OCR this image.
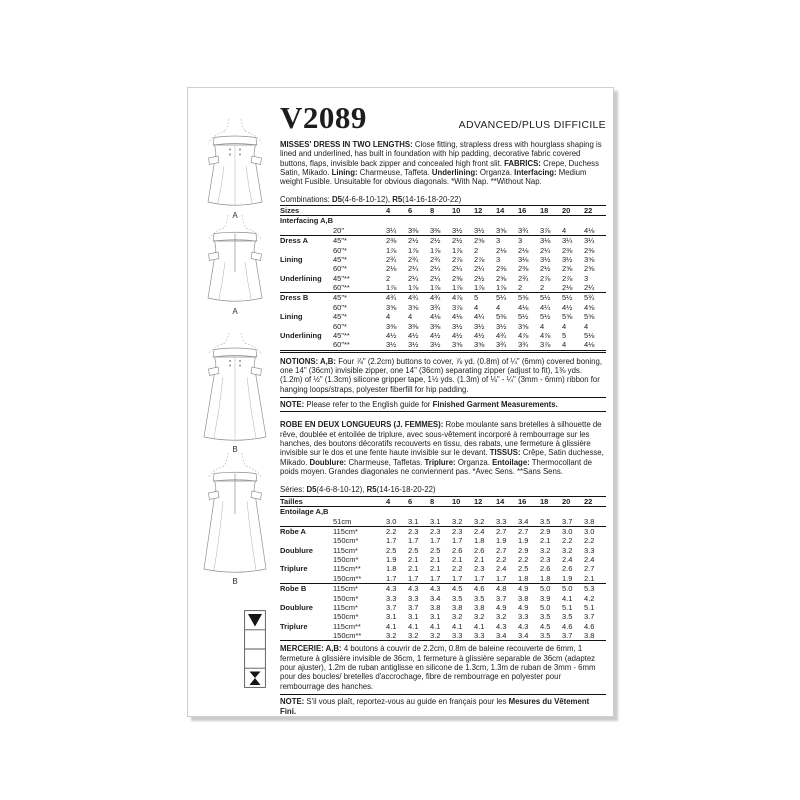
A
A
B
B
V2089	ADVANCED/PLUS DIFFICILE

MISSES' DRESS IN TWO LENGTHS: Close fitting, strapless dress with hourglass shaping is lined and underlined, has built in foundation with hip padding, decorative fabric covered buttons, flaps, invisible back zipper and concealed high front slit. FABRICS: Crepe, Duchess Satin, Mikado. Lining: Charmeuse, Taffeta. Underlining: Organza. Interfacing: Medium weight Fusible. Unsuitable for obvious diagonals. *With Nap. **Without Nap.

Combinations: D5(4-6-8-10-12), R5(14-16-18-20-22)

Sizes		4	6	8	10	12	14	16	18	20	22
Interfacing A,B											
	20"	3¼	3⅜	3⅜	3½	3½	3⅝	3¾	3⅞	4	4⅛
Dress A	45"*	2⅜	2½	2½	2½	2⅝	3	3	3⅛	3¼	3¼
	60"*	1⅞	1⅞	1⅞	1⅞	2	2⅛	2⅛	2¼	2⅜	2⅜
Lining	45"*	2¾	2¾	2¾	2⅞	2⅞	3	3⅛	3½	3½	3⅝
	60"*	2⅛	2¼	2¼	2¼	2¼	2⅜	2⅜	2½	2⅝	2⅝
Underlining	45"**	2	2¼	2¼	2⅜	2½	2⅝	2¾	2⅞	2⅞	3
	60"**	1⅞	1⅞	1⅞	1⅞	1⅞	1⅞	2	2	2⅛	2¼
Dress B	45"*	4¾	4¾	4¾	4⅞	5	5¼	5⅜	5½	5½	5¾
	60"*	3⅝	3⅝	3¾	3⅞	4	4	4⅛	4¼	4½	4⅝
Lining	45"*	4	4	4⅛	4⅛	4¼	5⅜	5½	5½	5⅝	5⅝
	60"*	3⅜	3⅜	3⅜	3½	3½	3½	3⅝	4	4	4
Underlining	45"**	4½	4½	4½	4½	4½	4¾	4⅞	4⅞	5	5⅛
	60"**	3½	3½	3½	3⅝	3⅝	3¾	3¾	3⅞	4	4⅛

NOTIONS: A,B: Four ⅞" (2.2cm) buttons to cover, ⅞ yd. (0.8m) of ¼" (6mm) covered boning, one 14" (36cm) invisible zipper, one 14" (36cm) separating zipper (adjust to fit), 1⅜ yds. (1.2m) of ½" (1.3cm) silicone gripper tape, 1½ yds. (1.3m) of ⅛" - ¼" (3mm - 6mm) ribbon for hanging loops/straps, polyester fiberfill for hip padding.

NOTE: Please refer to the English guide for Finished Garment Measurements.

ROBE EN DEUX LONGUEURS (J. FEMMES): Robe moulante sans bretelles à silhouette de rêve, doublée et entoilée de triplure, avec sous-vêtement incorporé à rembourrage sur les hanches, des boutons décoratifs recouverts en tissu, des rabats, une fermeture à glissière invisible sur le dos et une fente haute invisible sur le devant. TISSUS: Crêpe, Satin duchesse, Mikado. Doublure: Charmeuse, Taffetas. Triplure: Organza. Entoilage: Thermocollant de poids moyen. Grandes diagonales ne conviennent pas. *Avec Sens. **Sans Sens.

Séries: D5(4-6-8-10-12), R5(14-16-18-20-22)

Tailles		4	6	8	10	12	14	16	18	20	22
Entoilage A,B											
	51cm	3.0	3.1	3.1	3.2	3.2	3.3	3.4	3.5	3.7	3.8
Robe A	115cm*	2.2	2.3	2.3	2.3	2.4	2.7	2.7	2.9	3.0	3.0
	150cm*	1.7	1.7	1.7	1.7	1.8	1.9	1.9	2.1	2.2	2.2
Doublure	115cm*	2.5	2.5	2.5	2.6	2.6	2.7	2.9	3.2	3.2	3.3
	150cm*	1.9	2.1	2.1	2.1	2.1	2.2	2.2	2.3	2.4	2.4
Triplure	115cm**	1.8	2.1	2.1	2.2	2.3	2.4	2.5	2.6	2.6	2.7
	150cm**	1.7	1.7	1.7	1.7	1.7	1.7	1.8	1.8	1.9	2.1
Robe B	115cm*	4.3	4.3	4.3	4.5	4.6	4.8	4.9	5.0	5.0	5.3
	150cm*	3.3	3.3	3.4	3.5	3.5	3.7	3.8	3.9	4.1	4.2
Doublure	115cm*	3.7	3.7	3.8	3.8	3.8	4.9	4.9	5.0	5.1	5.1
	150cm*	3.1	3.1	3.1	3.2	3.2	3.2	3.3	3.5	3.5	3.7
Triplure	115cm**	4.1	4.1	4.1	4.1	4.1	4.3	4.3	4.5	4.6	4.6
	150cm**	3.2	3.2	3.2	3.3	3.3	3.4	3.4	3.5	3.7	3.8

MERCERIE: A,B: 4 boutons à couvrir de 2.2cm, 0.8m de baleine recouverte de 6mm, 1 fermeture à glissière invisible de 36cm, 1 fermeture à glissière separable de 36cm (adaptez pour ajuster), 1.2m de ruban antiglisse en silicone de 1.3cm, 1.3m de ruban de 3mm - 6mm pour des boucles/ bretelles d'accrochage, fibre de rembourrage en polyester pour rembourrage des hanches.

NOTE: S'il vous plaît, reportez-vous au guide en français pour les Mesures du Vêtement Fini.
